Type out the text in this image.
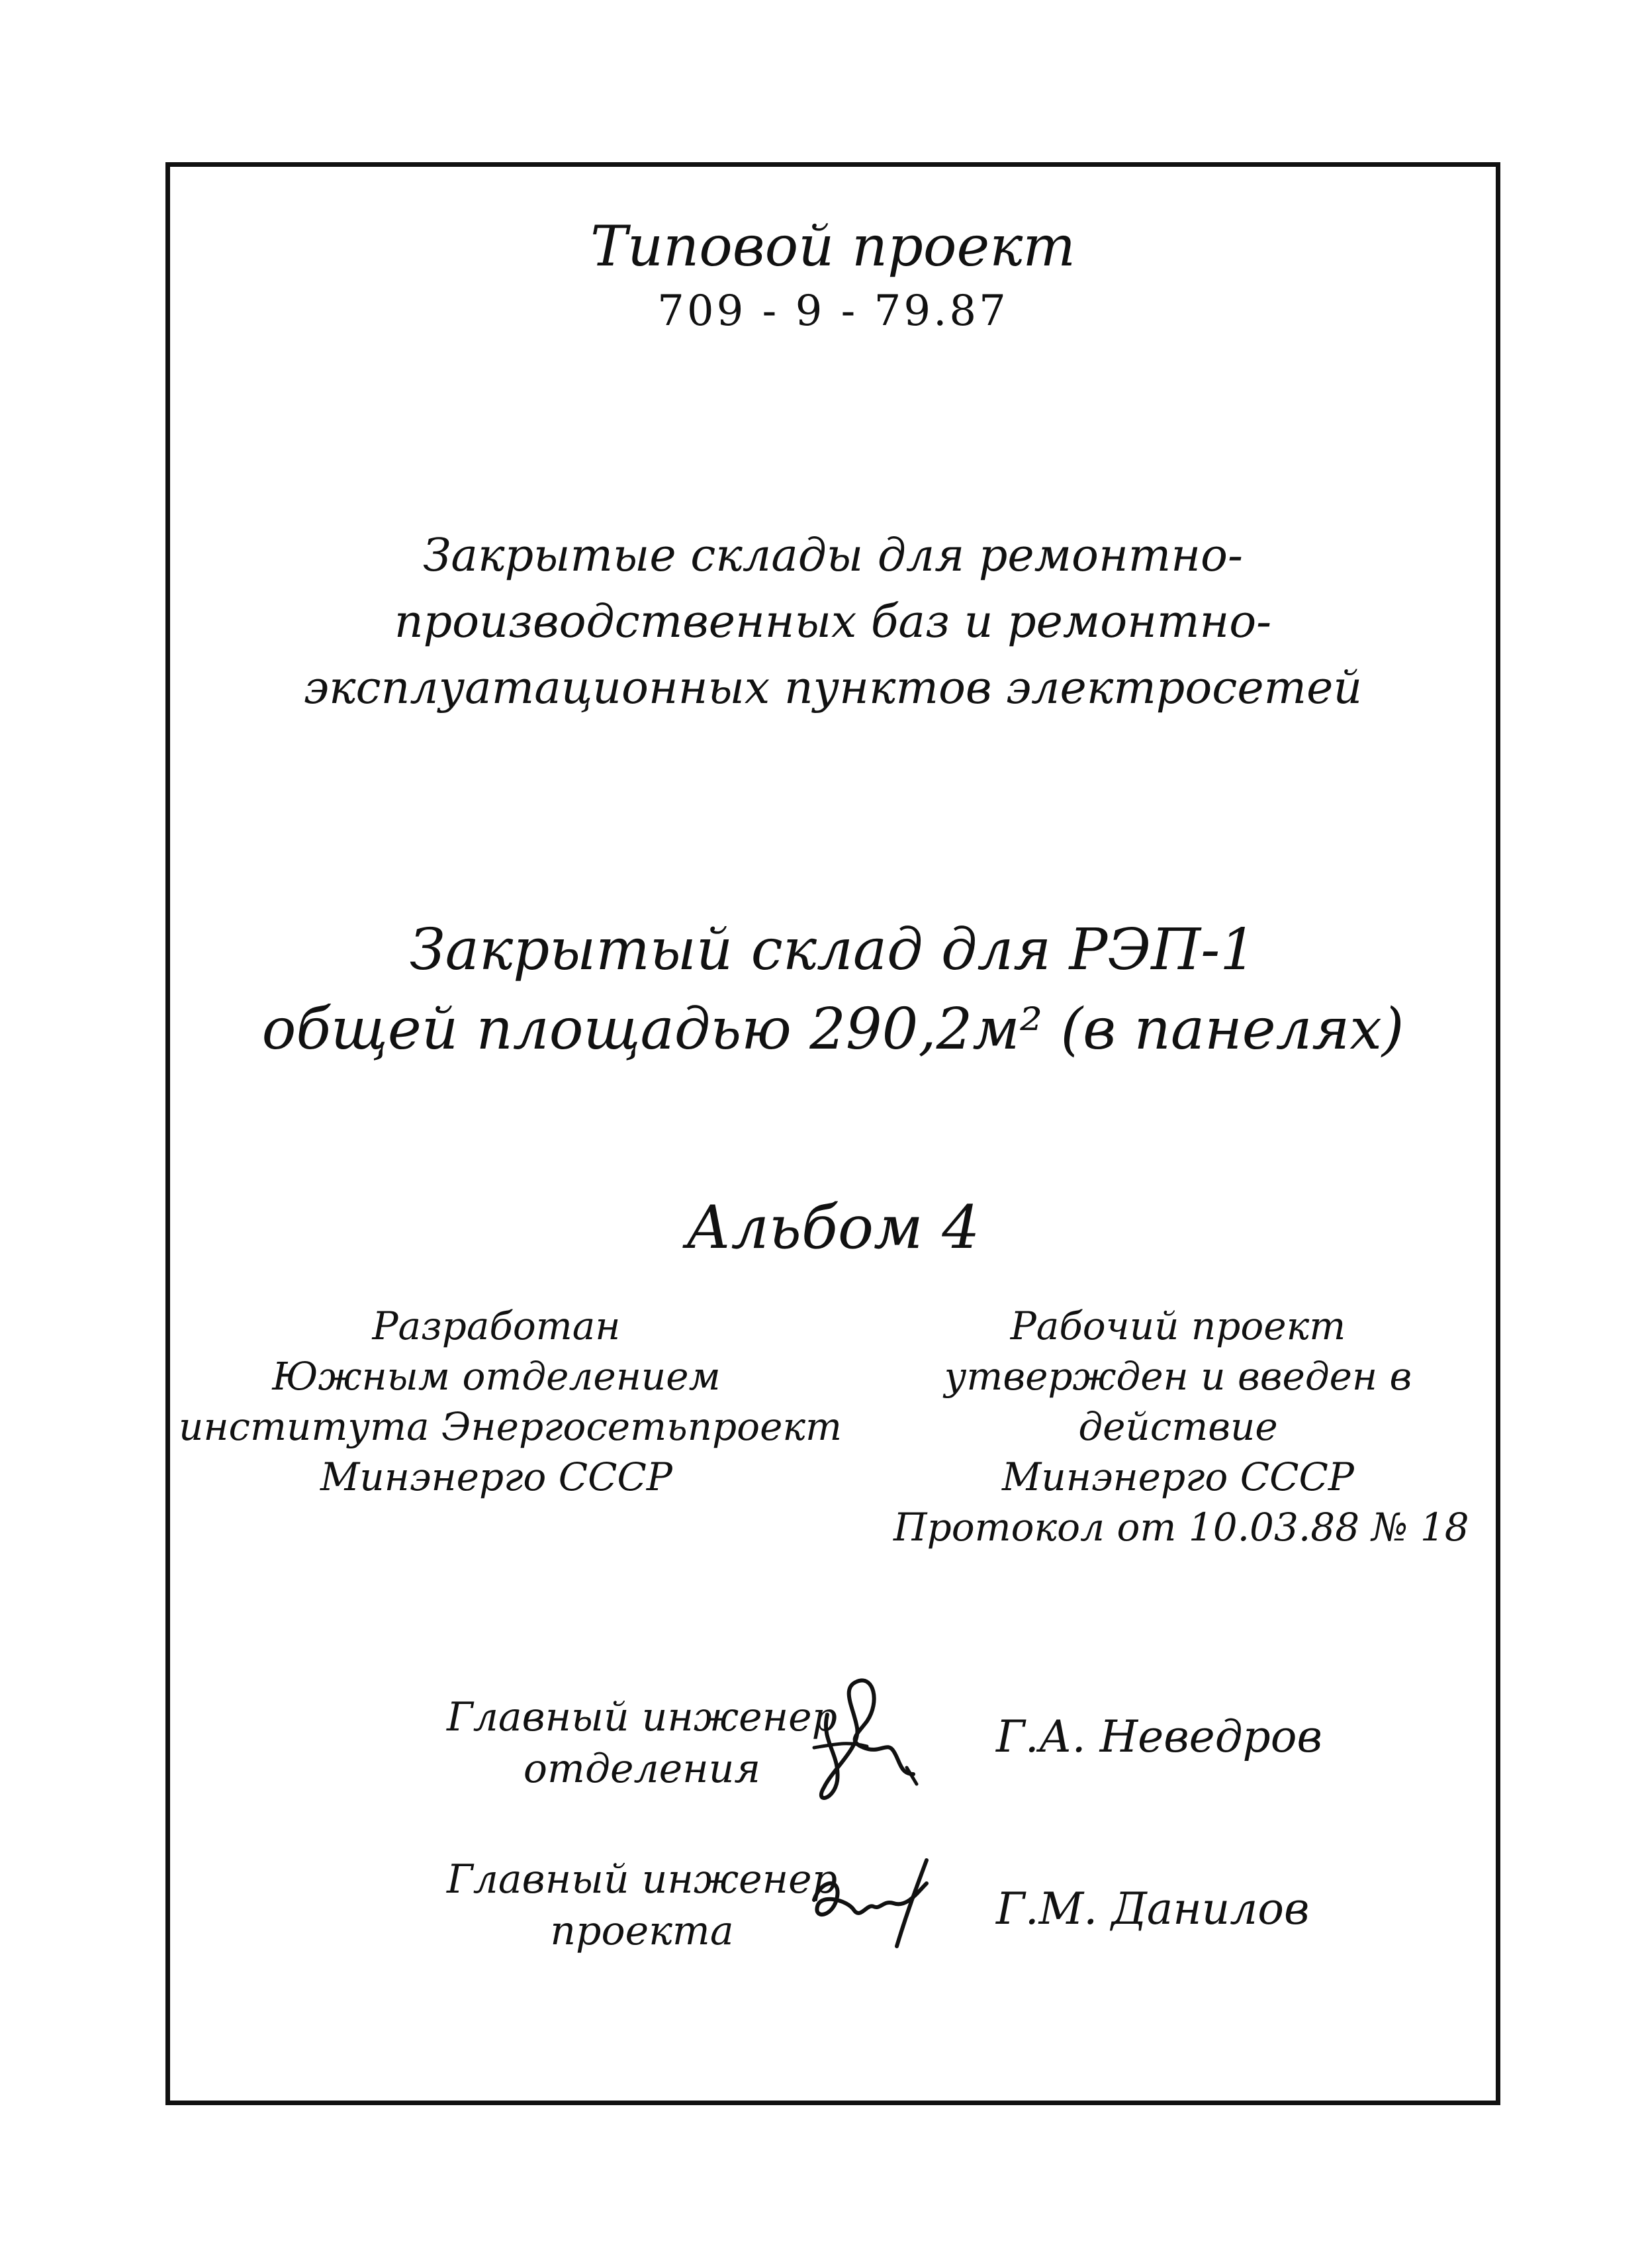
Типовой проект
709 - 9 - 79.87
Закрытые склады для ремонтно-
производственных баз и ремонтно-
эксплуатационных пунктов электросетей
Закрытый склад для РЭП-1
общей площадью 290,2м² (в панелях)
Альбом 4
Разработан
Южным отделением
института Энергосетьпроект
Минэнерго СССР
Рабочий проект
утвержден и введен в
действие
Минэнерго СССР
Протокол от 10.03.88 № 18
Главный инженер
отделения
Г.А. Неведров
Главный инженер
проекта	Г.М. Данилов
